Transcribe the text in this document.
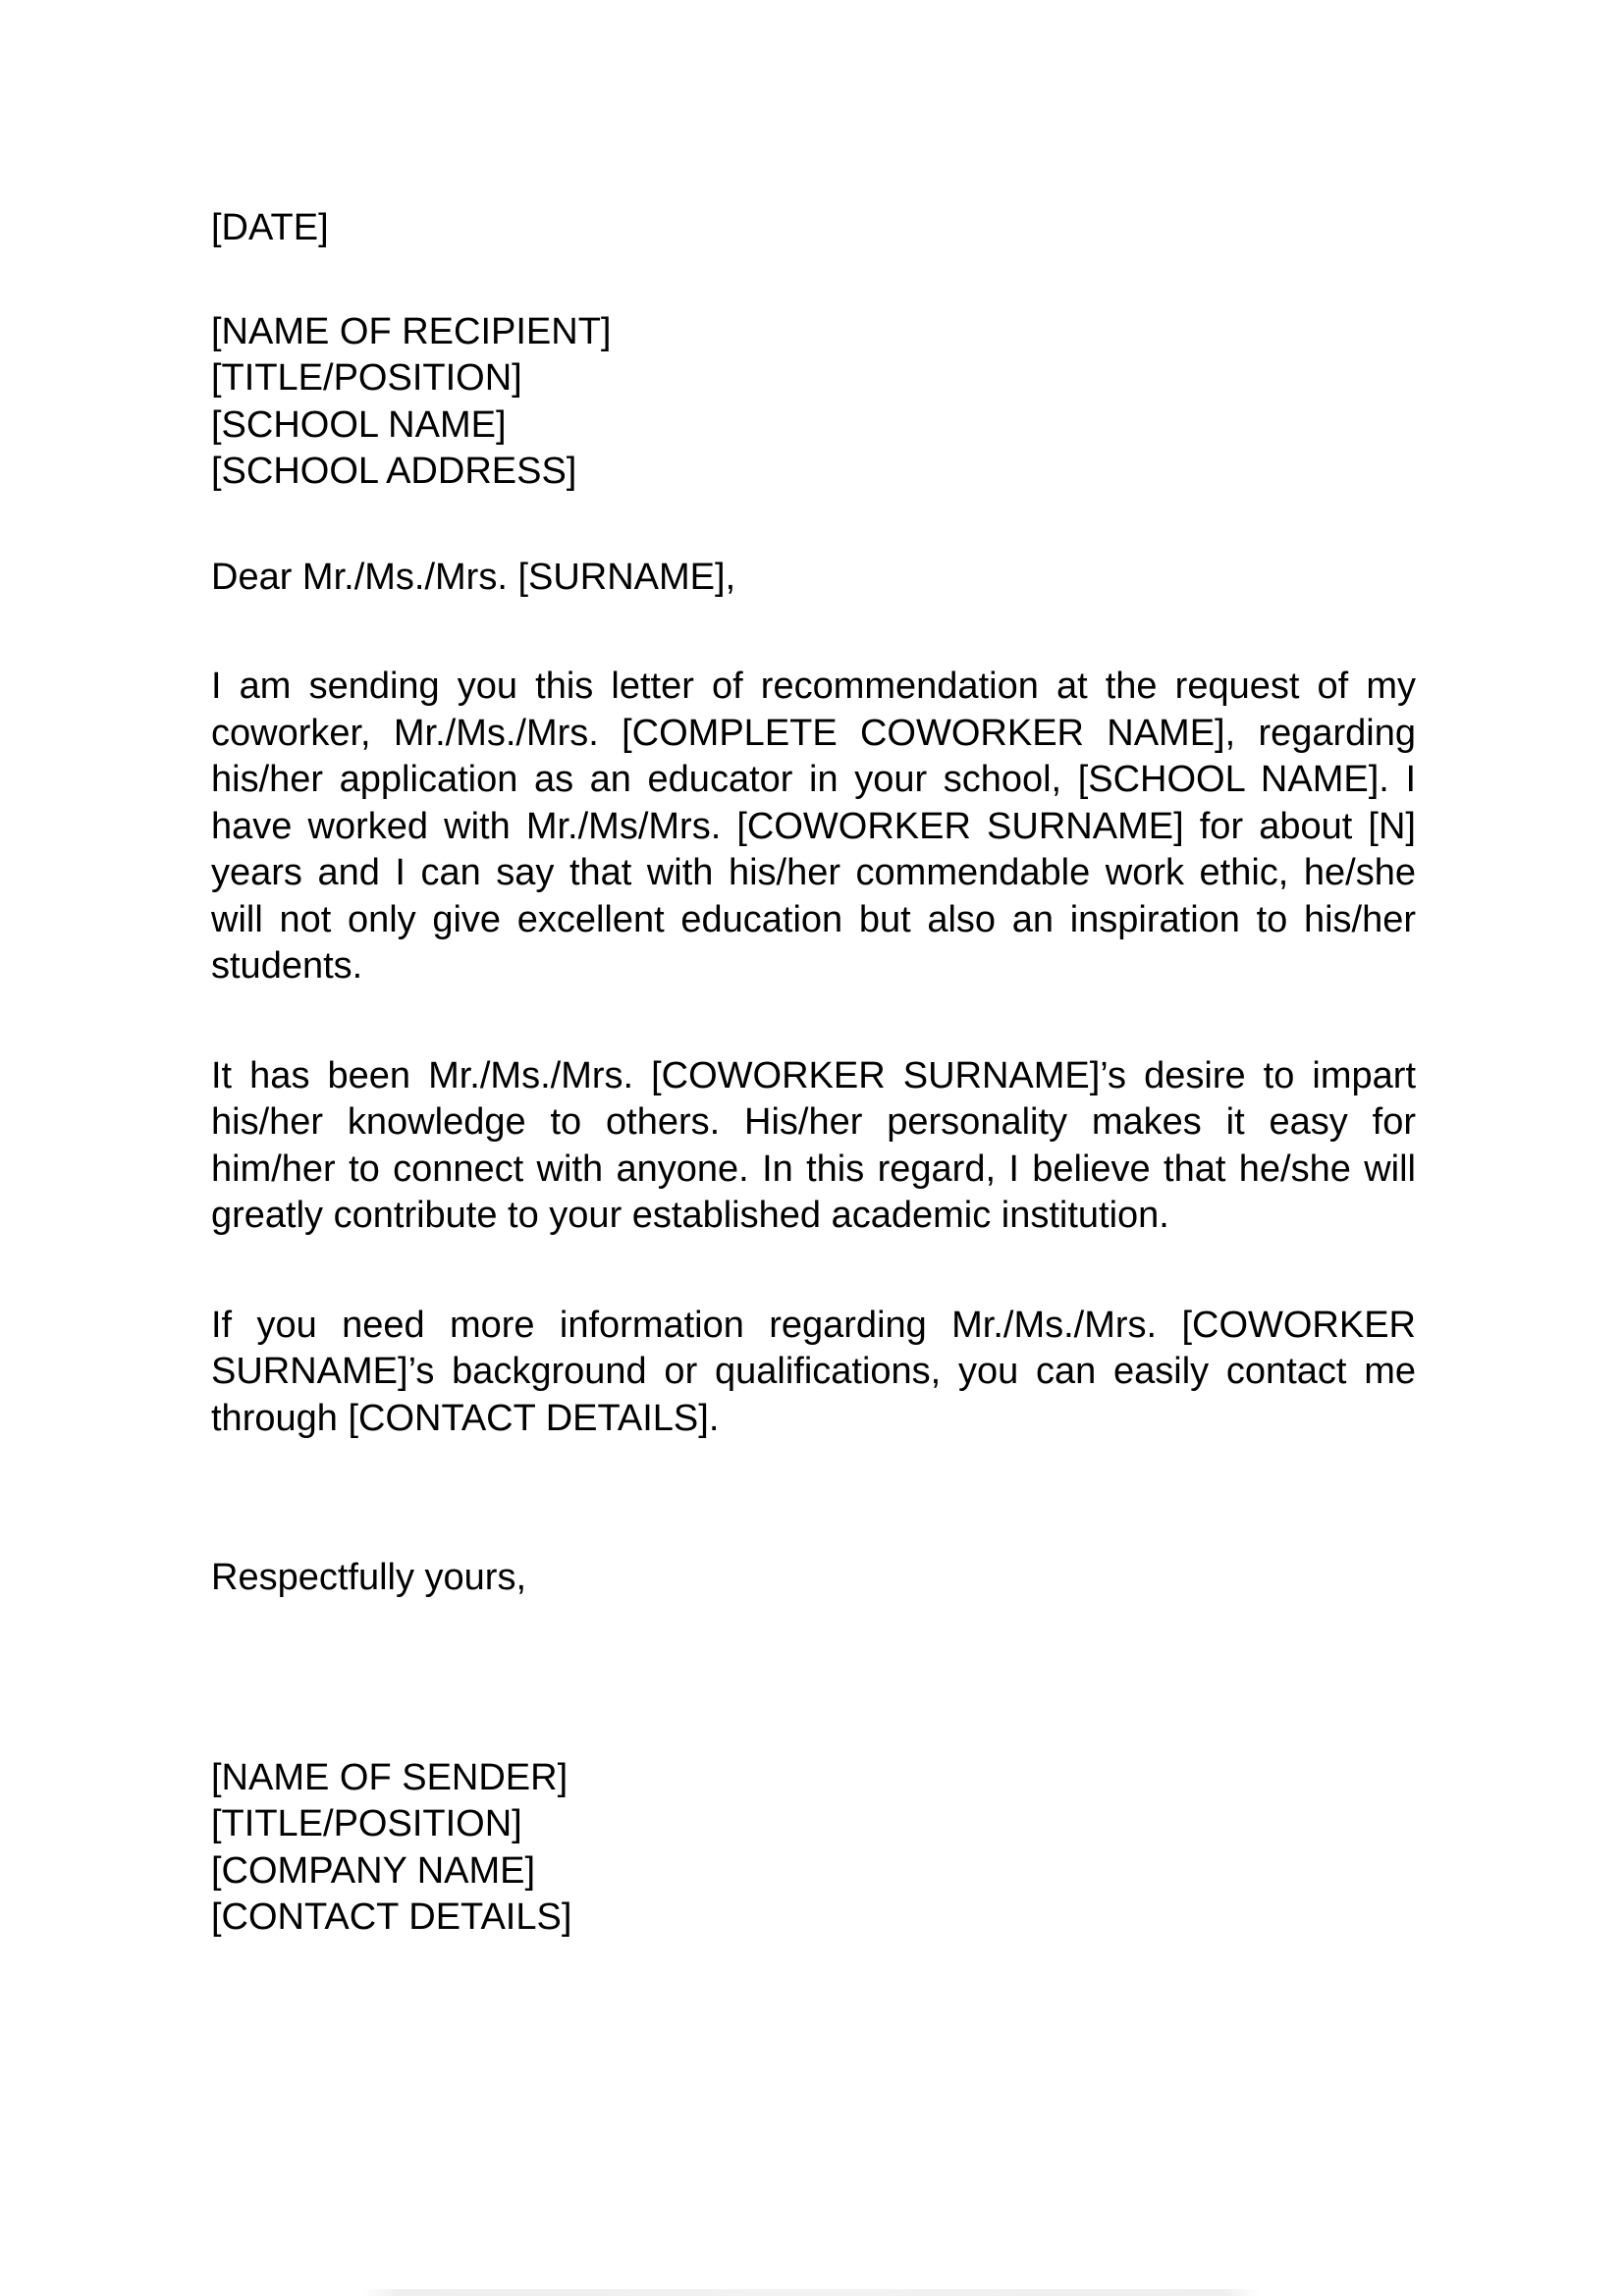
[DATE]
[NAME OF RECIPIENT]
[TITLE/POSITION]
[SCHOOL NAME]
[SCHOOL ADDRESS]
Dear Mr./Ms./Mrs. [SURNAME],
I am sending you this letter of recommendation at the request of my
coworker, Mr./Ms./Mrs. [COMPLETE COWORKER NAME], regarding
his/her application as an educator in your school, [SCHOOL NAME]. I
have worked with Mr./Ms/Mrs. [COWORKER SURNAME] for about [N]
years and I can say that with his/her commendable work ethic, he/she
will not only give excellent education but also an inspiration to his/her
students.
It has been Mr./Ms./Mrs. [COWORKER SURNAME]’s desire to impart
his/her knowledge to others. His/her personality makes it easy for
him/her to connect with anyone. In this regard, I believe that he/she will
greatly contribute to your established academic institution.
If you need more information regarding Mr./Ms./Mrs. [COWORKER
SURNAME]’s background or qualifications, you can easily contact me
through [CONTACT DETAILS].
Respectfully yours,
[NAME OF SENDER]
[TITLE/POSITION]
[COMPANY NAME]
[CONTACT DETAILS]
